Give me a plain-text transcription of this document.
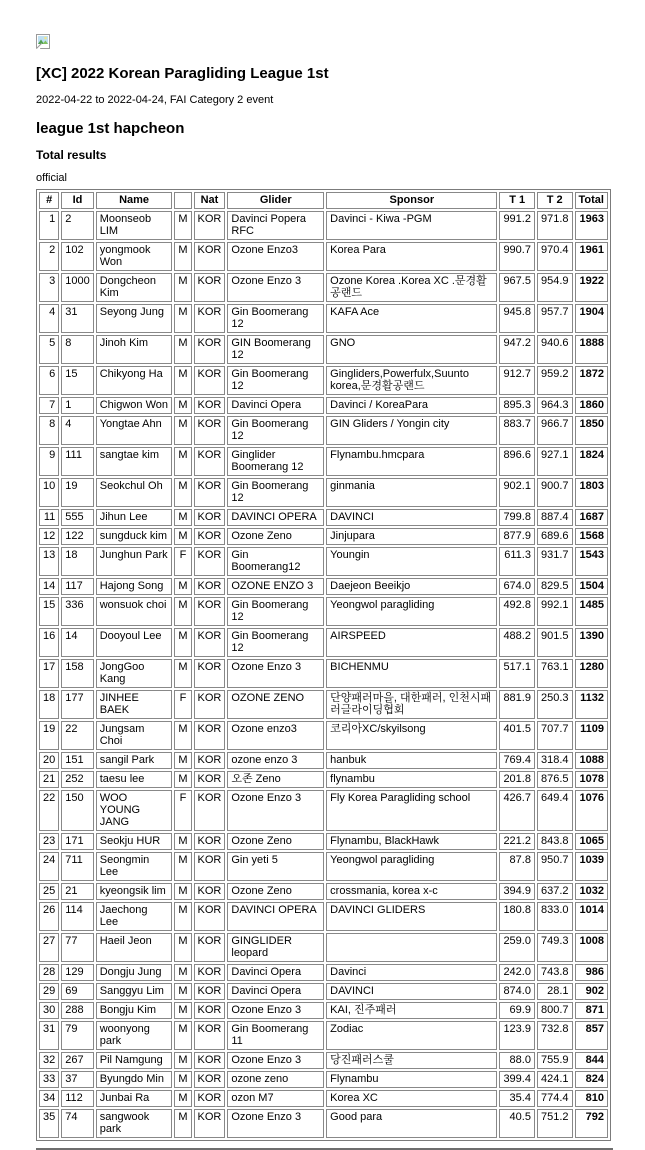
[XC] 2022 Korean Paragliding League 1st
2022-04-22 to 2022-04-24, FAI Category 2 event
league 1st hapcheon
Total results
official
#	Id	Name		Nat	Glider	Sponsor	T 1	T 2	Total
1	2	Moonseob LIM	M	KOR	Davinci Popera RFC	Davinci - Kiwa -PGM	991.2	971.8	1963
2	102	yongmook Won	M	KOR	Ozone Enzo3	Korea Para	990.7	970.4	1961
3	1000	Dongcheon Kim	M	KOR	Ozone Enzo 3	Ozone Korea .Korea XC .문경활공랜드	967.5	954.9	1922
4	31	Seyong Jung	M	KOR	Gin Boomerang 12	KAFA Ace	945.8	957.7	1904
5	8	Jinoh Kim	M	KOR	GIN Boomerang 12	GNO	947.2	940.6	1888
6	15	Chikyong Ha	M	KOR	Gin Boomerang 12	Gingliders,Powerfulx,Suunto korea,문경활공랜드	912.7	959.2	1872
7	1	Chigwon Won	M	KOR	Davinci Opera	Davinci / KoreaPara	895.3	964.3	1860
8	4	Yongtae Ahn	M	KOR	Gin Boomerang 12	GIN Gliders / Yongin city	883.7	966.7	1850
9	111	sangtae kim	M	KOR	Ginglider Boomerang 12	Flynambu.hmcpara	896.6	927.1	1824
10	19	Seokchul Oh	M	KOR	Gin Boomerang 12	ginmania	902.1	900.7	1803
11	555	Jihun Lee	M	KOR	DAVINCI OPERA	DAVINCI	799.8	887.4	1687
12	122	sungduck kim	M	KOR	Ozone Zeno	Jinjupara	877.9	689.6	1568
13	18	Junghun Park	F	KOR	Gin Boomerang12	Youngin	611.3	931.7	1543
14	117	Hajong Song	M	KOR	OZONE ENZO 3	Daejeon Beeikjo	674.0	829.5	1504
15	336	wonsuok choi	M	KOR	Gin Boomerang 12	Yeongwol paragliding	492.8	992.1	1485
16	14	Dooyoul Lee	M	KOR	Gin Boomerang 12	AIRSPEED	488.2	901.5	1390
17	158	JongGoo Kang	M	KOR	Ozone Enzo 3	BICHENMU	517.1	763.1	1280
18	177	JINHEE BAEK	F	KOR	OZONE ZENO	단양패러마을, 대한패러, 인천시패러글라이딩협회	881.9	250.3	1132
19	22	Jungsam Choi	M	KOR	Ozone enzo3	코리아XC/skyilsong	401.5	707.7	1109
20	151	sangil Park	M	KOR	ozone enzo 3	hanbuk	769.4	318.4	1088
21	252	taesu lee	M	KOR	오존 Zeno	flynambu	201.8	876.5	1078
22	150	WOO YOUNG JANG	F	KOR	Ozone Enzo 3	Fly Korea Paragliding school	426.7	649.4	1076
23	171	Seokju HUR	M	KOR	Ozone Zeno	Flynambu, BlackHawk	221.2	843.8	1065
24	711	Seongmin Lee	M	KOR	Gin yeti 5	Yeongwol paragliding	87.8	950.7	1039
25	21	kyeongsik lim	M	KOR	Ozone Zeno	crossmania, korea x-c	394.9	637.2	1032
26	114	Jaechong Lee	M	KOR	DAVINCI OPERA	DAVINCI GLIDERS	180.8	833.0	1014
27	77	Haeil Jeon	M	KOR	GINGLIDER leopard		259.0	749.3	1008
28	129	Dongju Jung	M	KOR	Davinci Opera	Davinci	242.0	743.8	986
29	69	Sanggyu Lim	M	KOR	Davinci Opera	DAVINCI	874.0	28.1	902
30	288	Bongju Kim	M	KOR	Ozone Enzo 3	KAI, 진주패러	69.9	800.7	871
31	79	woonyong park	M	KOR	Gin Boomerang 11	Zodiac	123.9	732.8	857
32	267	Pil Namgung	M	KOR	Ozone Enzo 3	당진패러스쿨	88.0	755.9	844
33	37	Byungdo Min	M	KOR	ozone zeno	Flynambu	399.4	424.1	824
34	112	Junbai Ra	M	KOR	ozon M7	Korea XC	35.4	774.4	810
35	74	sangwook park	M	KOR	Ozone Enzo 3	Good para	40.5	751.2	792
